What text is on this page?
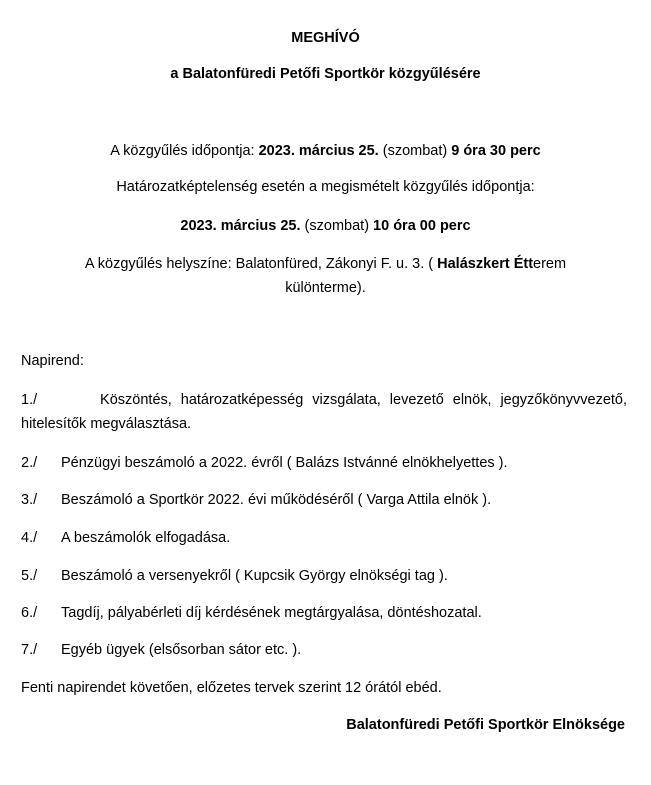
MEGHÍVÓ
a Balatonfüredi Petőfi Sportkör közgyűlésére
A közgyűlés időpontja: 2023. március 25. (szombat) 9 óra 30 perc
Határozatképtelenség esetén a megismételt közgyűlés időpontja:
2023. március 25. (szombat) 10 óra 00 perc
A közgyűlés helyszíne: Balatonfüred, Zákonyi F. u. 3. ( Halászkert Étterem
különterme).
Napirend:
1./	Köszöntés, határozatképesség vizsgálata, levezető elnök, jegyzőkönyvvezető,
hitelesítők megválasztása.
2./ Pénzügyi beszámoló a 2022. évről ( Balázs Istvánné elnökhelyettes ).
3./ Beszámoló a Sportkör 2022. évi működéséről ( Varga Attila elnök ).
4./ A beszámolók elfogadása.
5./ Beszámoló a versenyekről ( Kupcsik György elnökségi tag ).
6./ Tagdíj, pályabérleti díj kérdésének megtárgyalása, döntéshozatal.
7./ Egyéb ügyek (elsősorban sátor etc. ).
Fenti napirendet követően, előzetes tervek szerint 12 órától ebéd.
Balatonfüredi Petőfi Sportkör Elnöksége
